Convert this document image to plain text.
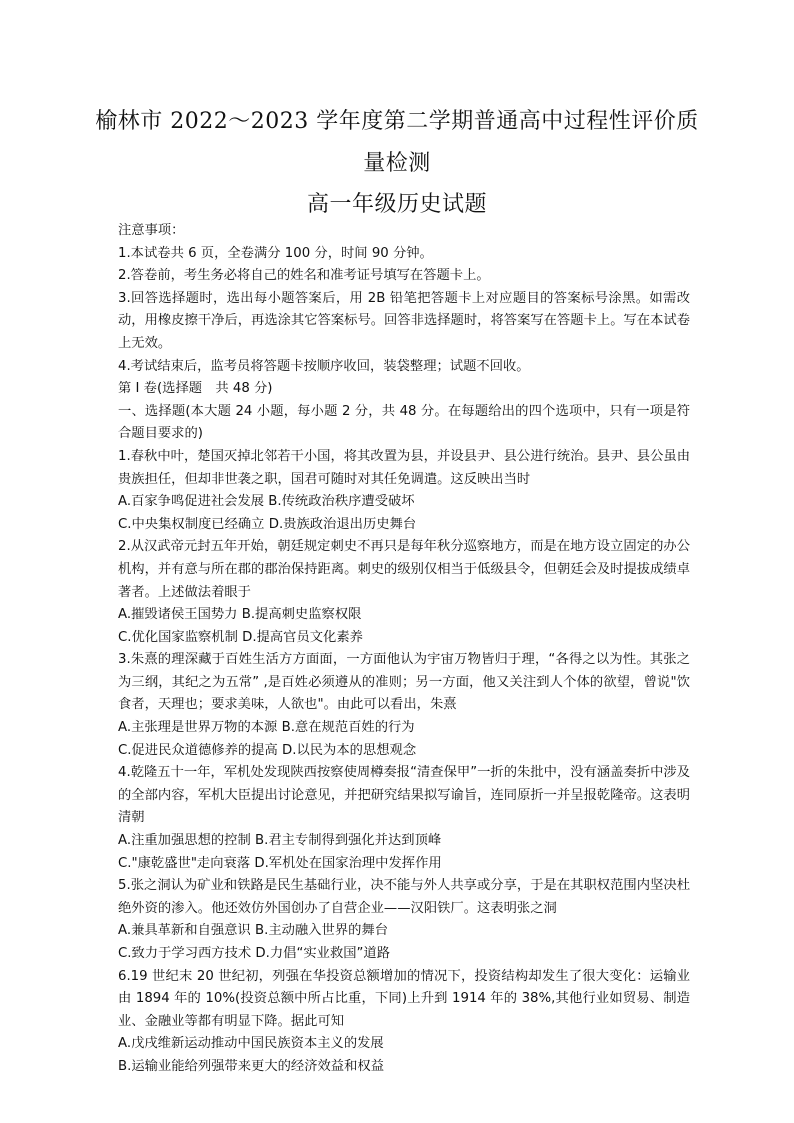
榆林市 2022～2023 学年度第二学期普通高中过程性评价质
量检测
高一年级历史试题

注意事项：

1.本试卷共 6 页，全卷满分 100 分，时间 90 分钟。

2.答卷前，考生务必将自己的姓名和准考证号填写在答题卡上。

3.回答选择题时，选出每小题答案后，用 2B 铅笔把答题卡上对应题目的答案标号涂黑。如需改动，用橡皮擦干净后，再选涂其它答案标号。回答非选择题时，将答案写在答题卡上。写在本试卷上无效。

4.考试结束后，监考员将答题卡按顺序收回，装袋整理；试题不回收。

第 I 卷(选择题　共 48 分)

一、选择题(本大题 24 小题，每小题 2 分，共 48 分。在每题给出的四个选项中，只有一项是符合题目要求的)

1.春秋中叶，楚国灭掉北邻若干小国，将其改置为县，并设县尹、县公进行统治。县尹、县公虽由贵族担任，但却非世袭之职，国君可随时对其任免调遣。这反映出当时

A.百家争鸣促进社会发展 B.传统政治秩序遭受破坏

C.中央集权制度已经确立 D.贵族政治退出历史舞台

2.从汉武帝元封五年开始，朝廷规定刺史不再只是每年秋分巡察地方，而是在地方设立固定的办公机构，并有意与所在郡的郡治保持距离。刺史的级别仅相当于低级县令，但朝廷会及时提拔成绩卓著者。上述做法着眼于

A.摧毁诸侯王国势力 B.提高刺史监察权限

C.优化国家监察机制 D.提高官员文化素养

3.朱熹的理深藏于百姓生活方方面面，一方面他认为宇宙万物皆归于理，“各得之以为性。其张之为三纲，其纪之为五常” ,是百姓必须遵从的准则；另一方面，他又关注到人个体的欲望，曾说"饮食者，天理也；要求美味，人欲也"。由此可以看出，朱熹

A.主张理是世界万物的本源 B.意在规范百姓的行为

C.促进民众道德修养的提高 D.以民为本的思想观念

4.乾隆五十一年，军机处发现陕西按察使周樽奏报“清查保甲”一折的朱批中，没有涵盖奏折中涉及的全部内容，军机大臣提出讨论意见，并把研究结果拟写谕旨，连同原折一并呈报乾隆帝。这表明清朝

A.注重加强思想的控制 B.君主专制得到强化并达到顶峰

C."康乾盛世"走向衰落 D.军机处在国家治理中发挥作用

5.张之洞认为矿业和铁路是民生基础行业，决不能与外人共享或分享，于是在其职权范围内坚决杜绝外资的渗入。他还效仿外国创办了自营企业——汉阳铁厂。这表明张之洞

A.兼具革新和自强意识 B.主动融入世界的舞台

C.致力于学习西方技术 D.力倡“实业救国”道路

6.19 世纪末 20 世纪初，列强在华投资总额增加的情况下，投资结构却发生了很大变化：运输业由 1894 年的 10%(投资总额中所占比重，下同)上升到 1914 年的 38%,其他行业如贸易、制造业、金融业等都有明显下降。据此可知

A.戊戌维新运动推动中国民族资本主义的发展

B.运输业能给列强带来更大的经济效益和权益
